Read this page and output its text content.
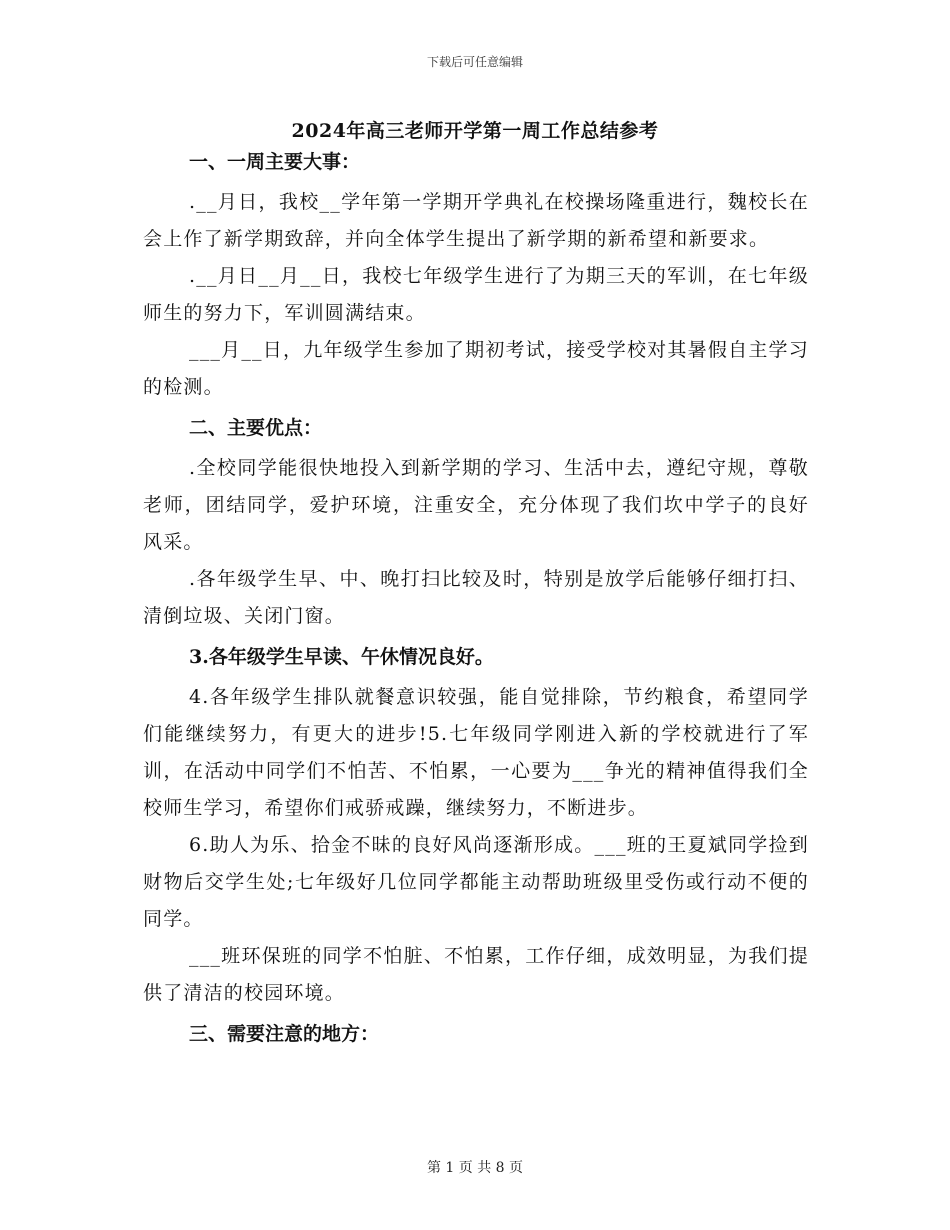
下载后可任意编辑
2024年高三老师开学第一周工作总结参考
一、一周主要大事：

.__月日，我校__学年第一学期开学典礼在校操场隆重进行，魏校长在会上作了新学期致辞，并向全体学生提出了新学期的新希望和新要求。

.__月日__月__日，我校七年级学生进行了为期三天的军训，在七年级师生的努力下，军训圆满结束。

___月__日，九年级学生参加了期初考试，接受学校对其暑假自主学习的检测。

二、主要优点：

.全校同学能很快地投入到新学期的学习、生活中去，遵纪守规，尊敬老师，团结同学，爱护环境，注重安全，充分体现了我们坎中学子的良好风采。

.各年级学生早、中、晚打扫比较及时，特别是放学后能够仔细打扫、清倒垃圾、关闭门窗。

3.各年级学生早读、午休情况良好。

4.各年级学生排队就餐意识较强，能自觉排除，节约粮食，希望同学们能继续努力，有更大的进步!5.七年级同学刚进入新的学校就进行了军训，在活动中同学们不怕苦、不怕累，一心要为___争光的精神值得我们全校师生学习，希望你们戒骄戒躁，继续努力，不断进步。

6.助人为乐、拾金不昧的良好风尚逐渐形成。___班的王夏斌同学捡到财物后交学生处;七年级好几位同学都能主动帮助班级里受伤或行动不便的同学。

___班环保班的同学不怕脏、不怕累，工作仔细，成效明显，为我们提供了清洁的校园环境。

三、需要注意的地方：
第 1 页 共 8 页
